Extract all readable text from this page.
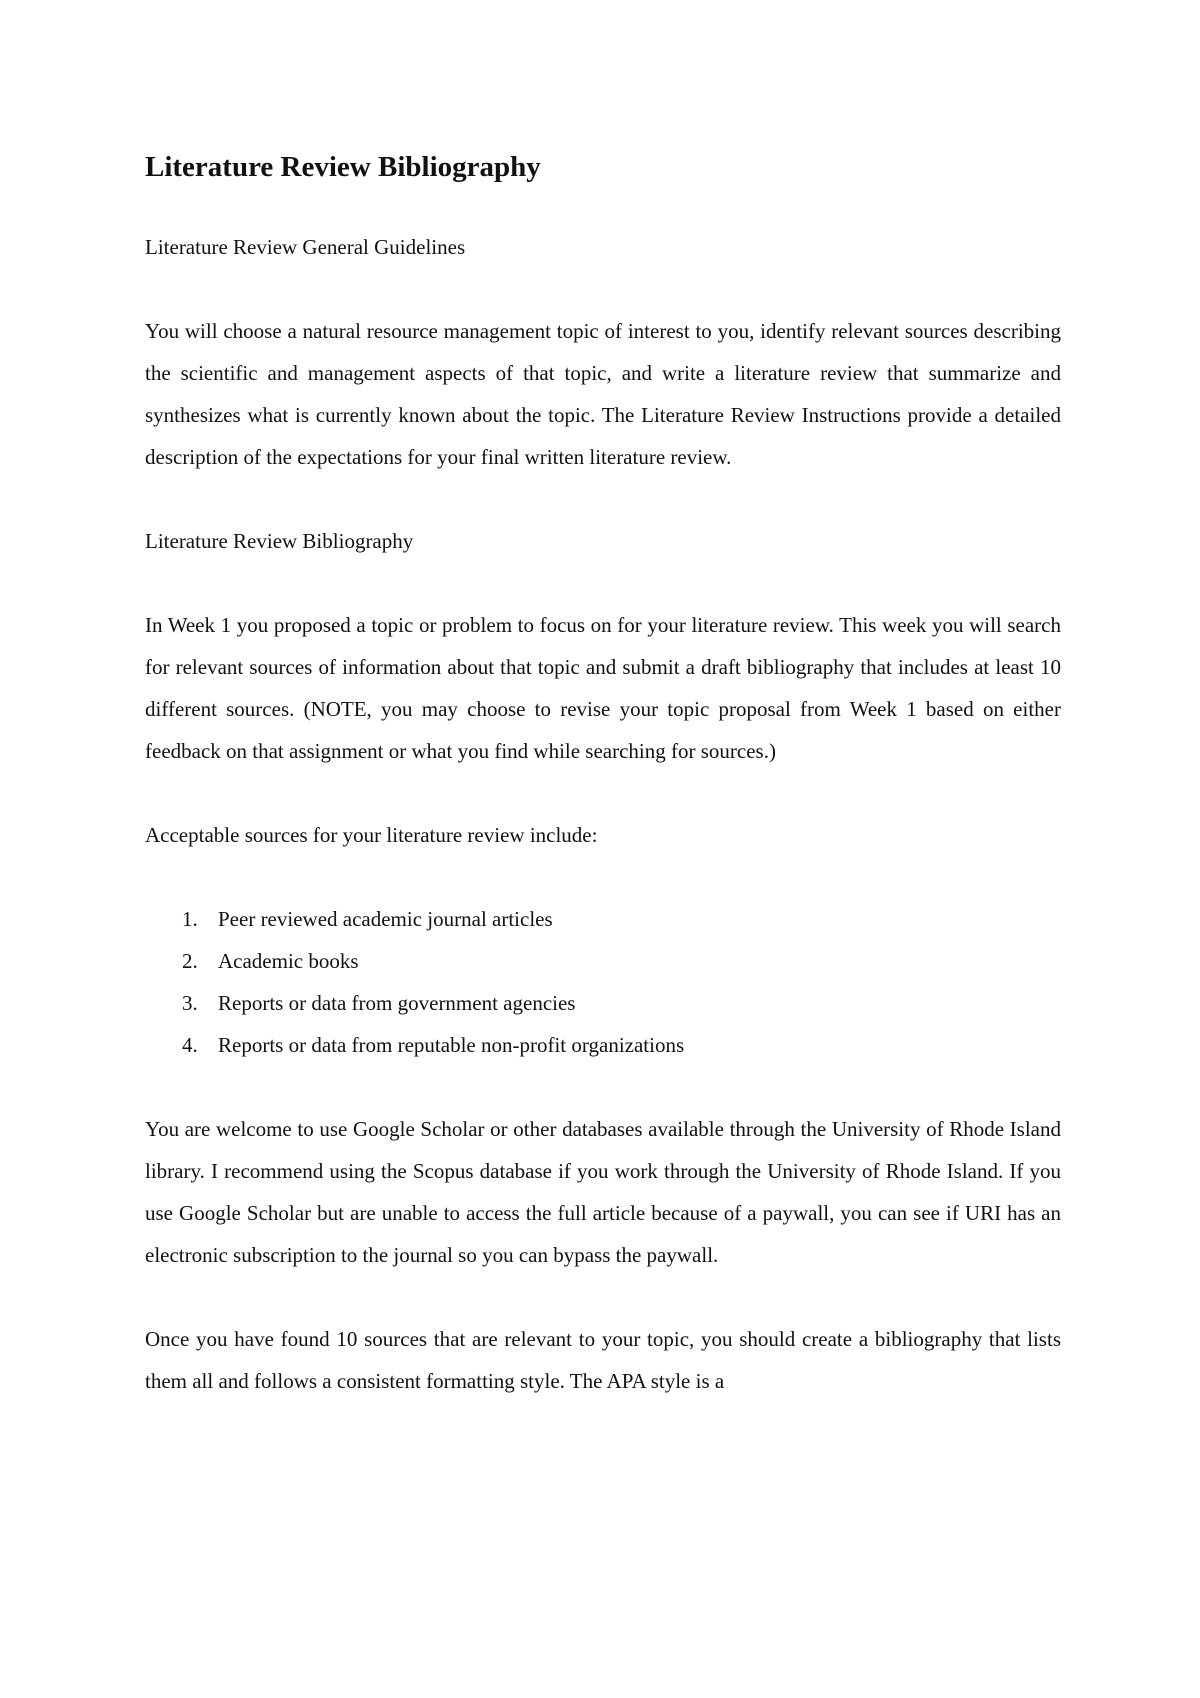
Literature Review Bibliography

Literature Review General Guidelines

You will choose a natural resource management topic of interest to you, identify relevant sources describing the scientific and management aspects of that topic, and write a literature review that summarize and synthesizes what is currently known about the topic. The Literature Review Instructions provide a detailed description of the expectations for your final written literature review.

Literature Review Bibliography

In Week 1 you proposed a topic or problem to focus on for your literature review. This week you will search for relevant sources of information about that topic and submit a draft bibliography that includes at least 10 different sources. (NOTE, you may choose to revise your topic proposal from Week 1 based on either feedback on that assignment or what you find while searching for sources.)

Acceptable sources for your literature review include:

1. Peer reviewed academic journal articles
2. Academic books
3. Reports or data from government agencies
4. Reports or data from reputable non-profit organizations

You are welcome to use Google Scholar or other databases available through the University of Rhode Island library. I recommend using the Scopus database if you work through the University of Rhode Island. If you use Google Scholar but are unable to access the full article because of a paywall, you can see if URI has an electronic subscription to the journal so you can bypass the paywall.

Once you have found 10 sources that are relevant to your topic, you should create a bibliography that lists them all and follows a consistent formatting style. The APA style is a
